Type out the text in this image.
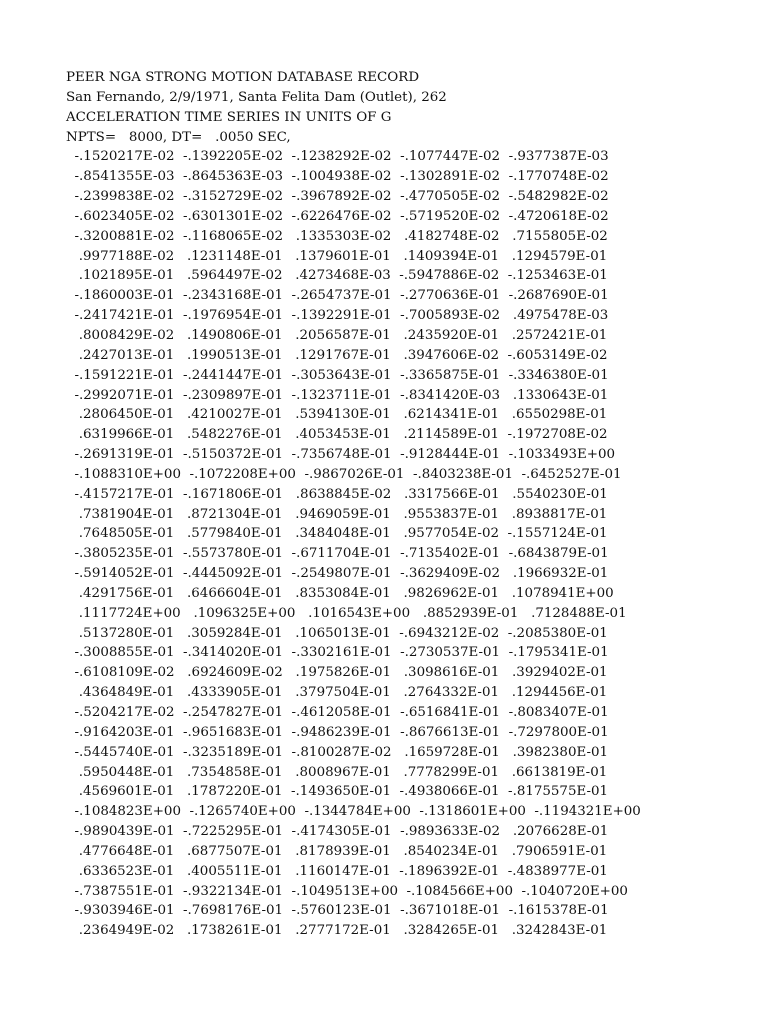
PEER NGA STRONG MOTION DATABASE RECORD
San Fernando, 2/9/1971, Santa Felita Dam (Outlet), 262
ACCELERATION TIME SERIES IN UNITS OF G
NPTS=   8000, DT=   .0050 SEC,
-.1520217E-02  -.1392205E-02  -.1238292E-02  -.1077447E-02  -.9377387E-03
-.8541355E-03  -.8645363E-03  -.1004938E-02  -.1302891E-02  -.1770748E-02
-.2399838E-02  -.3152729E-02  -.3967892E-02  -.4770505E-02  -.5482982E-02
-.6023405E-02  -.6301301E-02  -.6226476E-02  -.5719520E-02  -.4720618E-02
-.3200881E-02  -.1168065E-02   .1335303E-02   .4182748E-02   .7155805E-02
.9977188E-02   .1231148E-01   .1379601E-01   .1409394E-01   .1294579E-01
.1021895E-01   .5964497E-02   .4273468E-03  -.5947886E-02  -.1253463E-01
-.1860003E-01  -.2343168E-01  -.2654737E-01  -.2770636E-01  -.2687690E-01
-.2417421E-01  -.1976954E-01  -.1392291E-01  -.7005893E-02   .4975478E-03
.8008429E-02   .1490806E-01   .2056587E-01   .2435920E-01   .2572421E-01
.2427013E-01   .1990513E-01   .1291767E-01   .3947606E-02  -.6053149E-02
-.1591221E-01  -.2441447E-01  -.3053643E-01  -.3365875E-01  -.3346380E-01
-.2992071E-01  -.2309897E-01  -.1323711E-01  -.8341420E-03   .1330643E-01
.2806450E-01   .4210027E-01   .5394130E-01   .6214341E-01   .6550298E-01
.6319966E-01   .5482276E-01   .4053453E-01   .2114589E-01  -.1972708E-02
-.2691319E-01  -.5150372E-01  -.7356748E-01  -.9128444E-01  -.1033493E+00
-.1088310E+00  -.1072208E+00  -.9867026E-01  -.8403238E-01  -.6452527E-01
-.4157217E-01  -.1671806E-01   .8638845E-02   .3317566E-01   .5540230E-01
.7381904E-01   .8721304E-01   .9469059E-01   .9553837E-01   .8938817E-01
.7648505E-01   .5779840E-01   .3484048E-01   .9577054E-02  -.1557124E-01
-.3805235E-01  -.5573780E-01  -.6711704E-01  -.7135402E-01  -.6843879E-01
-.5914052E-01  -.4445092E-01  -.2549807E-01  -.3629409E-02   .1966932E-01
.4291756E-01   .6466604E-01   .8353084E-01   .9826962E-01   .1078941E+00
.1117724E+00   .1096325E+00   .1016543E+00   .8852939E-01   .7128488E-01
.5137280E-01   .3059284E-01   .1065013E-01  -.6943212E-02  -.2085380E-01
-.3008855E-01  -.3414020E-01  -.3302161E-01  -.2730537E-01  -.1795341E-01
-.6108109E-02   .6924609E-02   .1975826E-01   .3098616E-01   .3929402E-01
.4364849E-01   .4333905E-01   .3797504E-01   .2764332E-01   .1294456E-01
-.5204217E-02  -.2547827E-01  -.4612058E-01  -.6516841E-01  -.8083407E-01
-.9164203E-01  -.9651683E-01  -.9486239E-01  -.8676613E-01  -.7297800E-01
-.5445740E-01  -.3235189E-01  -.8100287E-02   .1659728E-01   .3982380E-01
.5950448E-01   .7354858E-01   .8008967E-01   .7778299E-01   .6613819E-01
.4569601E-01   .1787220E-01  -.1493650E-01  -.4938066E-01  -.8175575E-01
-.1084823E+00  -.1265740E+00  -.1344784E+00  -.1318601E+00  -.1194321E+00
-.9890439E-01  -.7225295E-01  -.4174305E-01  -.9893633E-02   .2076628E-01
.4776648E-01   .6877507E-01   .8178939E-01   .8540234E-01   .7906591E-01
.6336523E-01   .4005511E-01   .1160147E-01  -.1896392E-01  -.4838977E-01
-.7387551E-01  -.9322134E-01  -.1049513E+00  -.1084566E+00  -.1040720E+00
-.9303946E-01  -.7698176E-01  -.5760123E-01  -.3671018E-01  -.1615378E-01
.2364949E-02   .1738261E-01   .2777172E-01   .3284265E-01   .3242843E-01
